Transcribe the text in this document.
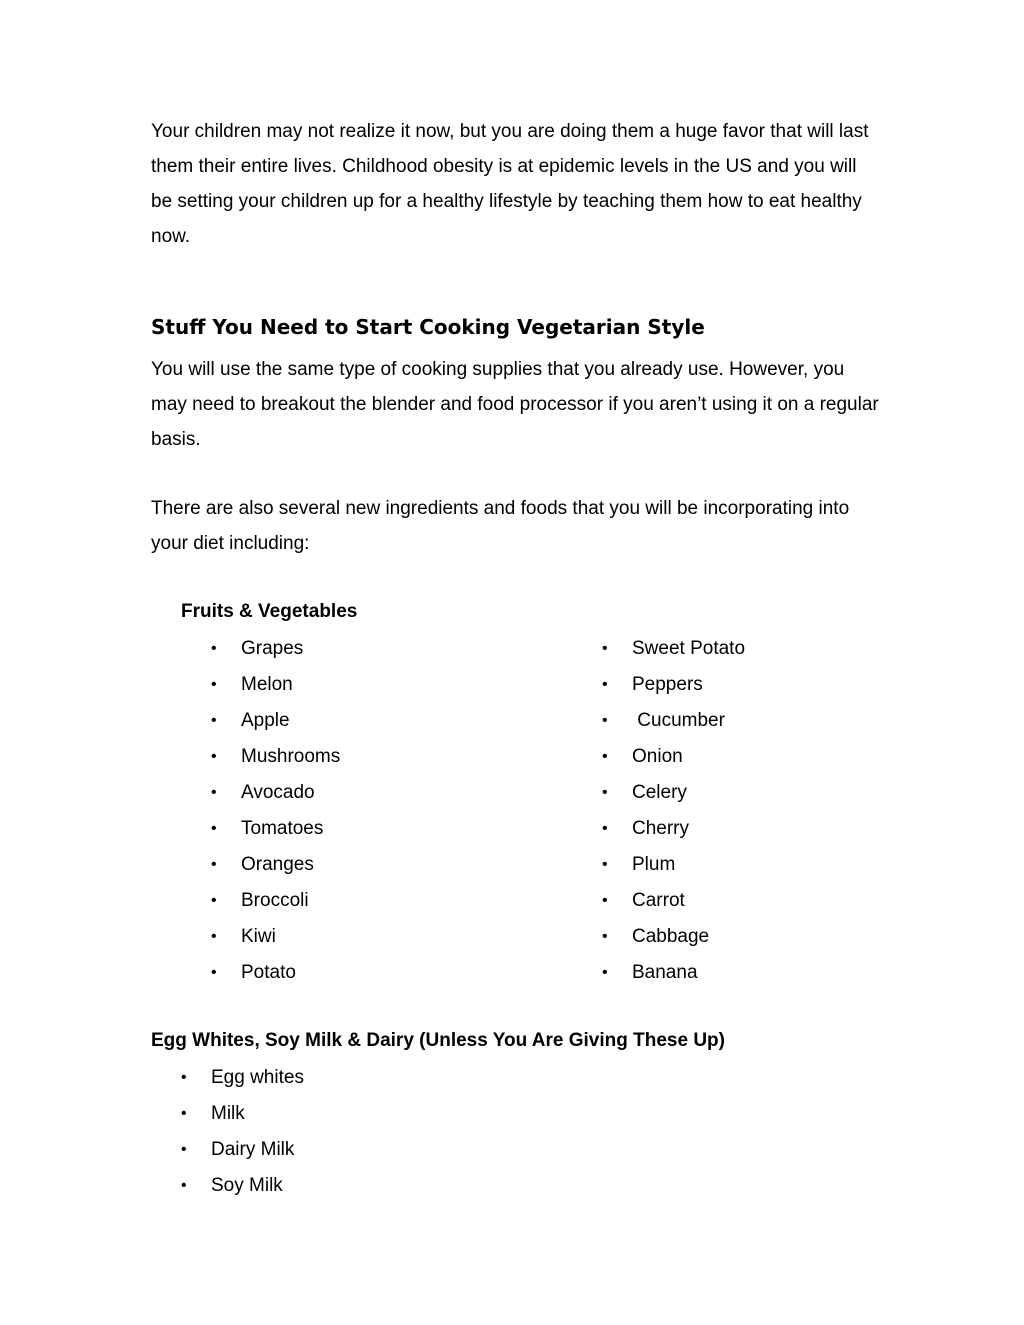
Your children may not realize it now, but you are doing them a huge favor that will last them their entire lives. Childhood obesity is at epidemic levels in the US and you will be setting your children up for a healthy lifestyle by teaching them how to eat healthy now.

Stuff You Need to Start Cooking Vegetarian Style

You will use the same type of cooking supplies that you already use. However, you may need to breakout the blender and food processor if you aren’t using it on a regular basis.

There are also several new ingredients and foods that you will be incorporating into your diet including:

Fruits & Vegetables
•	Grapes
•	Melon
•	Apple
•	Mushrooms
•	Avocado
•	Tomatoes
•	Oranges
•	Broccoli
•	Kiwi
•	Potato
•	Sweet Potato
•	Peppers
•	Cucumber
•	Onion
•	Celery
•	Cherry
•	Plum
•	Carrot
•	Cabbage
•	Banana
Egg Whites, Soy Milk & Dairy (Unless You Are Giving These Up)
•	Egg whites
•	Milk
•	Dairy Milk
•	Soy Milk
